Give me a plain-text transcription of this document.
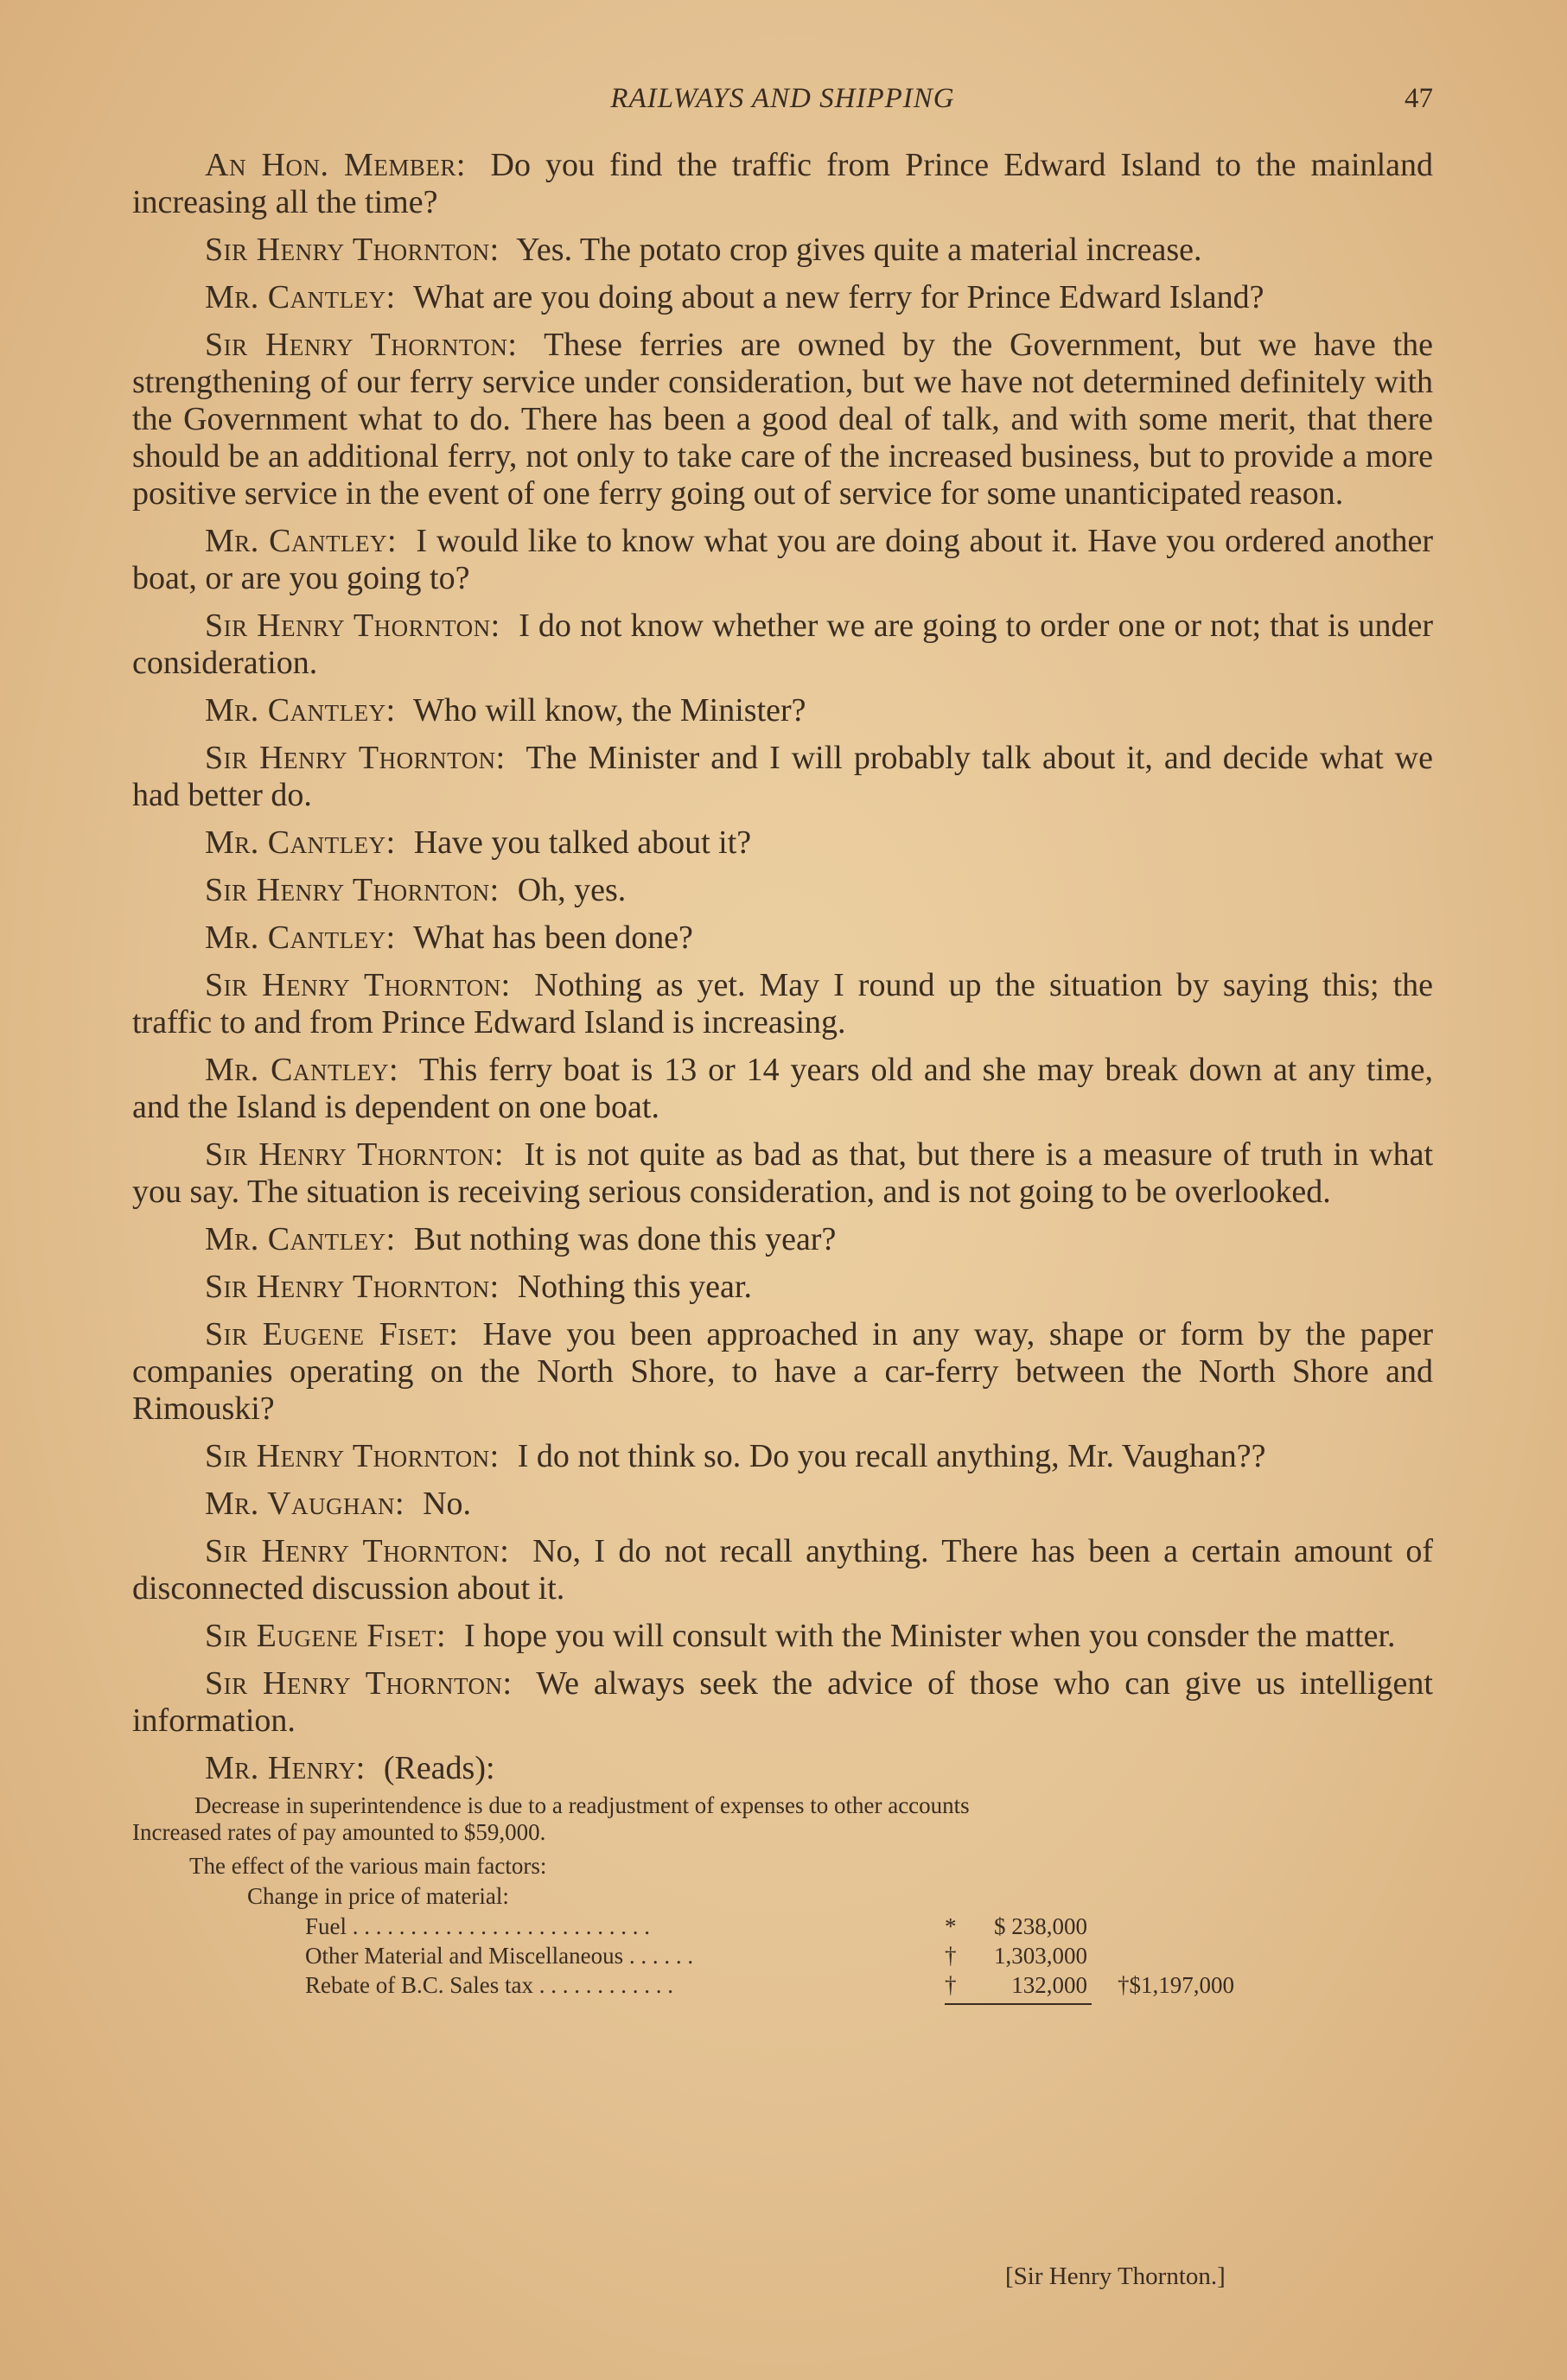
RAILWAYS AND SHIPPING	47

An Hon. Member: Do you find the traffic from Prince Edward Island to the mainland increasing all the time?

Sir Henry Thornton: Yes. The potato crop gives quite a material increase.

Mr. Cantley: What are you doing about a new ferry for Prince Edward Island?

Sir Henry Thornton: These ferries are owned by the Government, but we have the strengthening of our ferry service under consideration, but we have not determined definitely with the Government what to do. There has been a good deal of talk, and with some merit, that there should be an additional ferry, not only to take care of the increased business, but to provide a more positive service in the event of one ferry going out of service for some unanticipated reason.

Mr. Cantley: I would like to know what you are doing about it. Have you ordered another boat, or are you going to?

Sir Henry Thornton: I do not know whether we are going to order one or not; that is under consideration.

Mr. Cantley: Who will know, the Minister?

Sir Henry Thornton: The Minister and I will probably talk about it, and decide what we had better do.

Mr. Cantley: Have you talked about it?

Sir Henry Thornton: Oh, yes.

Mr. Cantley: What has been done?

Sir Henry Thornton: Nothing as yet. May I round up the situation by saying this; the traffic to and from Prince Edward Island is increasing.

Mr. Cantley: This ferry boat is 13 or 14 years old and she may break down at any time, and the Island is dependent on one boat.

Sir Henry Thornton: It is not quite as bad as that, but there is a measure of truth in what you say. The situation is receiving serious consideration, and is not going to be overlooked.

Mr. Cantley: But nothing was done this year?

Sir Henry Thornton: Nothing this year.

Sir Eugene Fiset: Have you been approached in any way, shape or form by the paper companies operating on the North Shore, to have a car-ferry between the North Shore and Rimouski?

Sir Henry Thornton: I do not think so. Do you recall anything, Mr. Vaughan??

Mr. Vaughan: No.

Sir Henry Thornton: No, I do not recall anything. There has been a certain amount of disconnected discussion about it.

Sir Eugene Fiset: I hope you will consult with the Minister when you consder the matter.

Sir Henry Thornton: We always seek the advice of those who can give us intelligent information.

Mr. Henry: (Reads):

Decrease in superintendence is due to a readjustment of expenses to other accounts

Increased rates of pay amounted to $59,000.

The effect of the various main factors:

Change in price of material:

Fuel . . . . . . . . . . . . . . . . . . . . . . . . . .	*	$ 238,000
Other Material and Miscellaneous . . . . . .	†	1,303,000
Rebate of B.C. Sales tax . . . . . . . . . . . .	†	132,000 †$1,197,000
[Sir Henry Thornton.]
